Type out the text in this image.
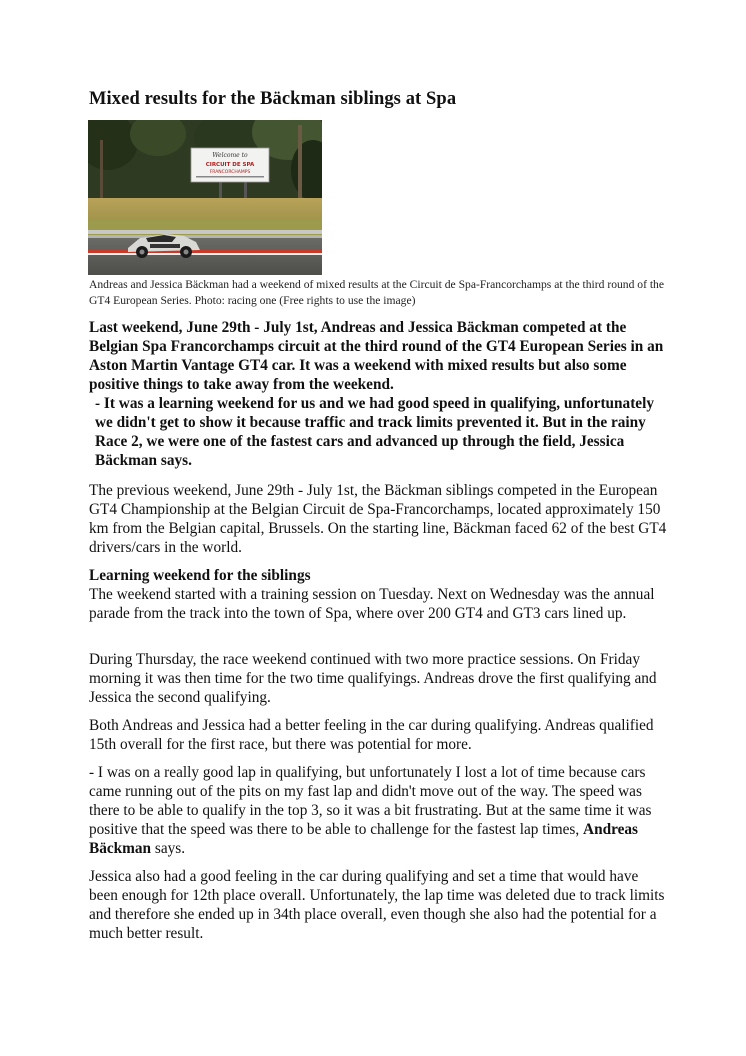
Mixed results for the Bäckman siblings at Spa
Welcome to
CIRCUIT DE SPA
FRANCORCHAMPS
Andreas and Jessica Bäckman had a weekend of mixed results at the Circuit de Spa-Francorchamps at the third round of the GT4 European Series. Photo: racing one (Free rights to use the image)

Last weekend, June 29th - July 1st, Andreas and Jessica Bäckman competed at the Belgian Spa Francorchamps circuit at the third round of the GT4 European Series in an Aston Martin Vantage GT4 car. It was a weekend with mixed results but also some positive things to take away from the weekend.

- It was a learning weekend for us and we had good speed in qualifying, unfortunately we didn't get to show it because traffic and track limits prevented it. But in the rainy Race 2, we were one of the fastest cars and advanced up through the field, Jessica Bäckman says.

The previous weekend, June 29th - July 1st, the Bäckman siblings competed in the European GT4 Championship at the Belgian Circuit de Spa-Francorchamps, located approximately 150 km from the Belgian capital, Brussels. On the starting line, Bäckman faced 62 of the best GT4 drivers/cars in the world.

Learning weekend for the siblings
The weekend started with a training session on Tuesday. Next on Wednesday was the annual parade from the track into the town of Spa, where over 200 GT4 and GT3 cars lined up.

During Thursday, the race weekend continued with two more practice sessions. On Friday morning it was then time for the two time qualifyings. Andreas drove the first qualifying and Jessica the second qualifying.

Both Andreas and Jessica had a better feeling in the car during qualifying. Andreas qualified 15th overall for the first race, but there was potential for more.

- I was on a really good lap in qualifying, but unfortunately I lost a lot of time because cars came running out of the pits on my fast lap and didn't move out of the way. The speed was there to be able to qualify in the top 3, so it was a bit frustrating. But at the same time it was positive that the speed was there to be able to challenge for the fastest lap times, Andreas Bäckman says.

Jessica also had a good feeling in the car during qualifying and set a time that would have been enough for 12th place overall. Unfortunately, the lap time was deleted due to track limits and therefore she ended up in 34th place overall, even though she also had the potential for a much better result.
